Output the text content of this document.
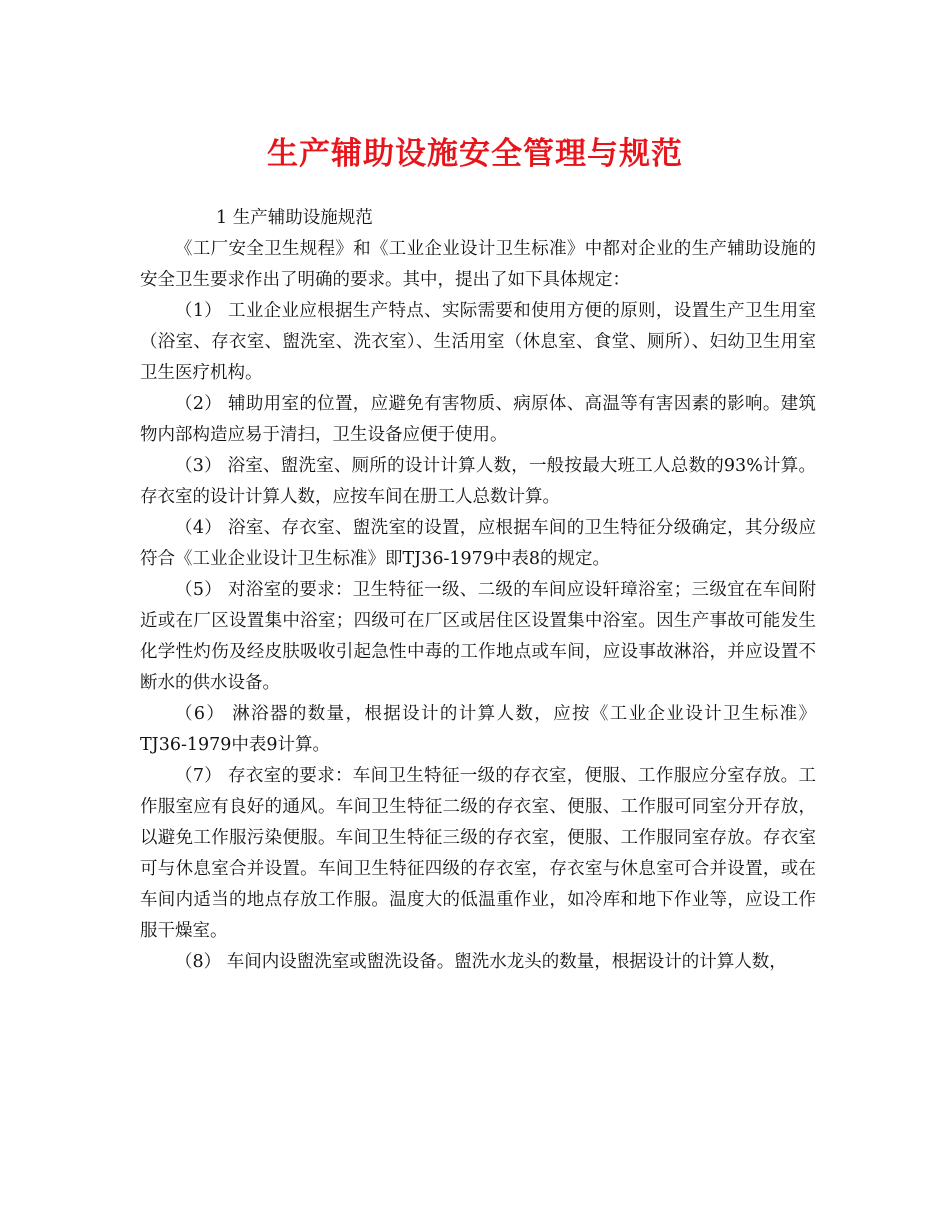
生产辅助设施安全管理与规范

1 生产辅助设施规范

《工厂安全卫生规程》和《工业企业设计卫生标准》中都对企业的生产辅助设施的安全卫生要求作出了明确的要求。其中，提出了如下具体规定：

（1） 工业企业应根据生产特点、实际需要和使用方便的原则，设置生产卫生用室（浴室、存衣室、盥洗室、洗衣室）、生活用室（休息室、食堂、厕所）、妇幼卫生用室卫生医疗机构。

（2） 辅助用室的位置，应避免有害物质、病原体、高温等有害因素的影响。建筑物内部构造应易于清扫，卫生设备应便于使用。

（3） 浴室、盥洗室、厕所的设计计算人数，一般按最大班工人总数的93%计算。存衣室的设计计算人数，应按车间在册工人总数计算。

（4） 浴室、存衣室、盥洗室的设置，应根据车间的卫生特征分级确定，其分级应符合《工业企业设计卫生标准》即TJ36-1979中表8的规定。

（5） 对浴室的要求：卫生特征一级、二级的车间应设轩璋浴室；三级宜在车间附近或在厂区设置集中浴室；四级可在厂区或居住区设置集中浴室。因生产事故可能发生化学性灼伤及经皮肤吸收引起急性中毒的工作地点或车间，应设事故淋浴，并应设置不断水的供水设备。

（6） 淋浴器的数量，根据设计的计算人数，应按《工业企业设计卫生标准》TJ36-1979中表9计算。

（7） 存衣室的要求：车间卫生特征一级的存衣室，便服、工作服应分室存放。工作服室应有良好的通风。车间卫生特征二级的存衣室、便服、工作服可同室分开存放，以避免工作服污染便服。车间卫生特征三级的存衣室，便服、工作服同室存放。存衣室可与休息室合并设置。车间卫生特征四级的存衣室，存衣室与休息室可合并设置，或在车间内适当的地点存放工作服。温度大的低温重作业，如冷库和地下作业等，应设工作服干燥室。

（8） 车间内设盥洗室或盥洗设备。盥洗水龙头的数量，根据设计的计算人数，
